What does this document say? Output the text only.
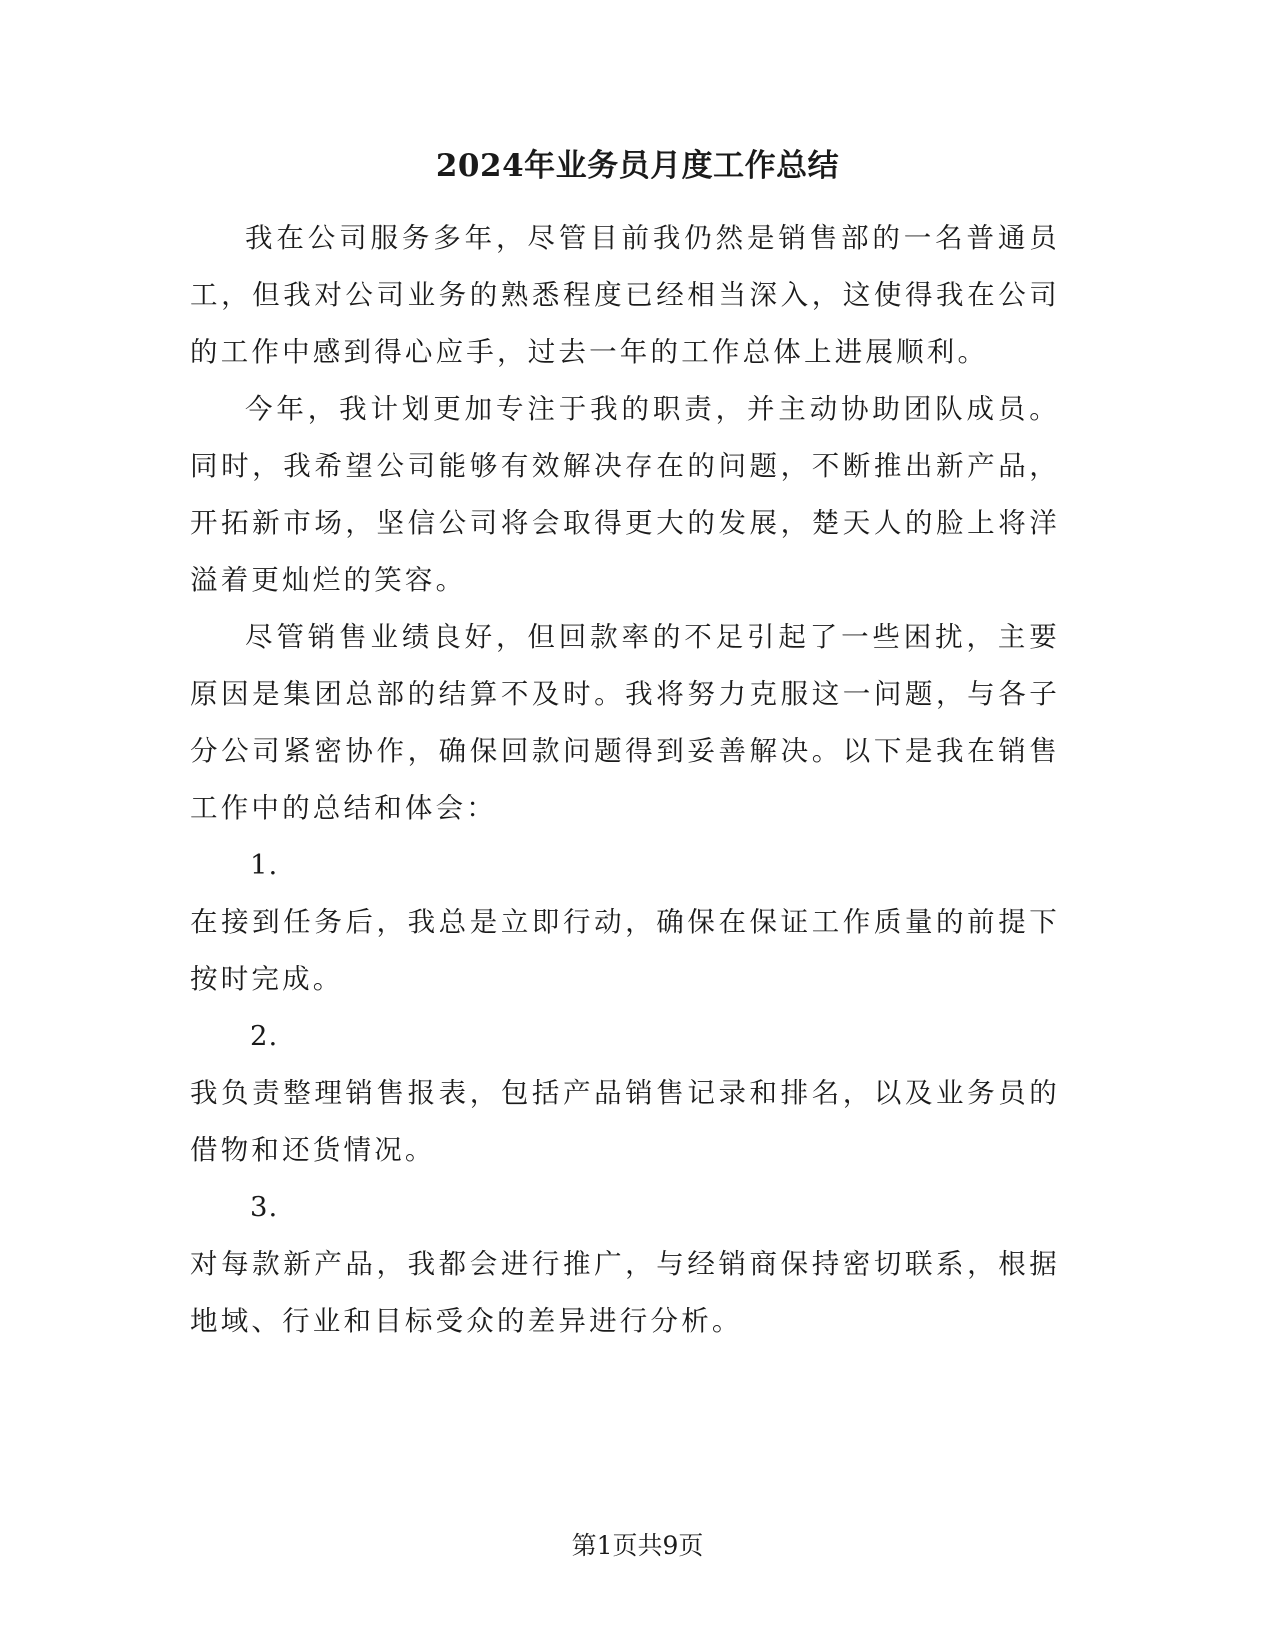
2024年业务员月度工作总结

我在公司服务多年，尽管目前我仍然是销售部的一名普通员工，但我对公司业务的熟悉程度已经相当深入，这使得我在公司的工作中感到得心应手，过去一年的工作总体上进展顺利。

今年，我计划更加专注于我的职责，并主动协助团队成员。同时，我希望公司能够有效解决存在的问题，不断推出新产品，开拓新市场，坚信公司将会取得更大的发展，楚天人的脸上将洋溢着更灿烂的笑容。

尽管销售业绩良好，但回款率的不足引起了一些困扰，主要原因是集团总部的结算不及时。我将努力克服这一问题，与各子分公司紧密协作，确保回款问题得到妥善解决。以下是我在销售工作中的总结和体会：

1.

在接到任务后，我总是立即行动，确保在保证工作质量的前提下按时完成。

2.

我负责整理销售报表，包括产品销售记录和排名，以及业务员的借物和还货情况。

3.

对每款新产品，我都会进行推广，与经销商保持密切联系，根据地域、行业和目标受众的差异进行分析。

第1页共9页
